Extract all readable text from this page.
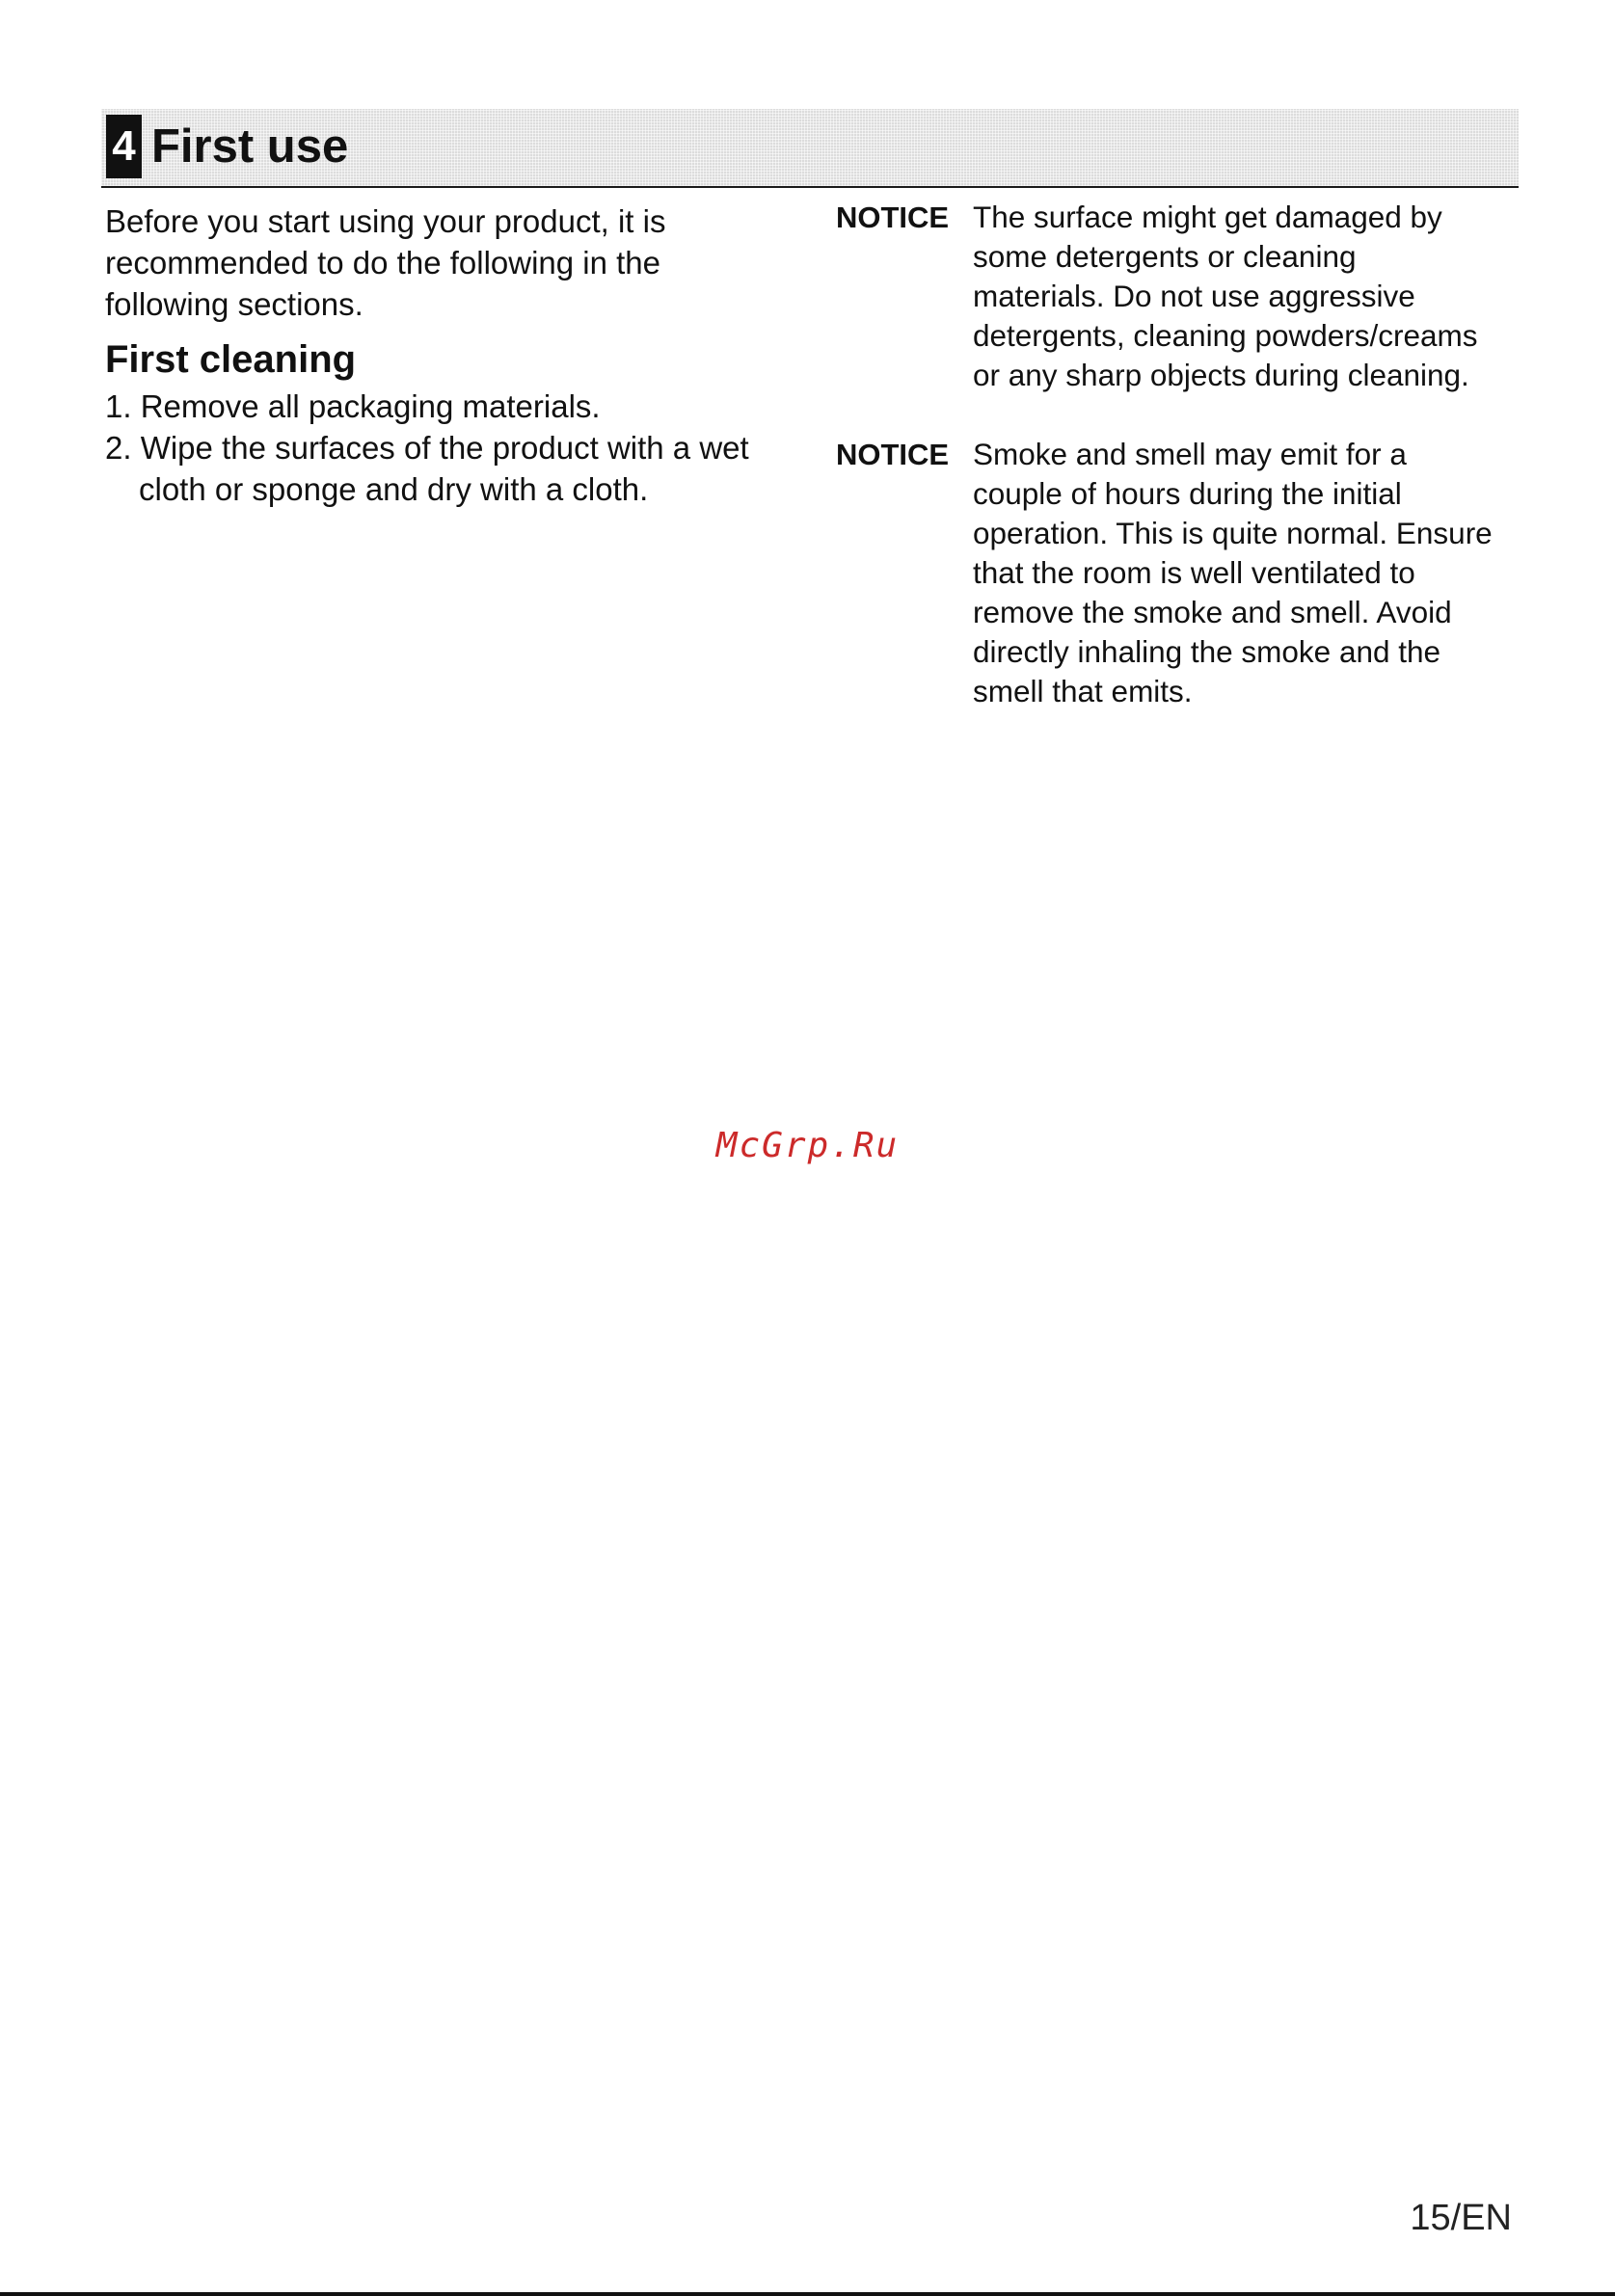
4 First use

Before you start using your product, it is recommended to do the following in the following sections.

First cleaning
1. Remove all packaging materials.
2. Wipe the surfaces of the product with a wet cloth or sponge and dry with a cloth.
NOTICE The surface might get damaged by some detergents or cleaning materials. Do not use aggressive detergents, cleaning powders/creams or any sharp objects during cleaning.

NOTICE Smoke and smell may emit for a couple of hours during the initial operation. This is quite normal. Ensure that the room is well ventilated to remove the smoke and smell. Avoid directly inhaling the smoke and the smell that emits.

McGrp.Ru
15/EN
